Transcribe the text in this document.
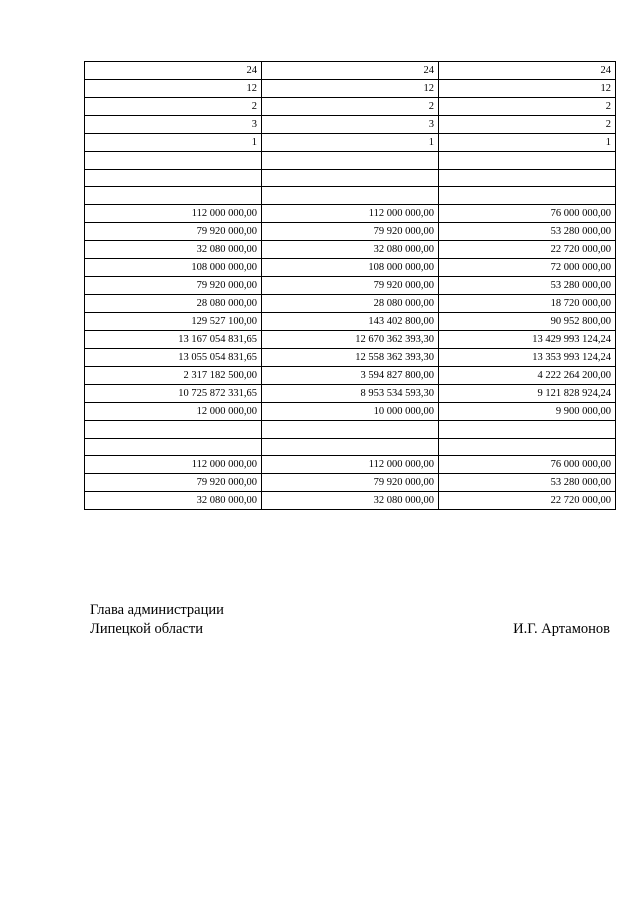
24	24	24
12	12	12
2	2	2
3	3	2
1	1	1

112 000 000,00	112 000 000,00	76 000 000,00
79 920 000,00	79 920 000,00	53 280 000,00
32 080 000,00	32 080 000,00	22 720 000,00
108 000 000,00	108 000 000,00	72 000 000,00
79 920 000,00	79 920 000,00	53 280 000,00
28 080 000,00	28 080 000,00	18 720 000,00
129 527 100,00	143 402 800,00	90 952 800,00
13 167 054 831,65	12 670 362 393,30	13 429 993 124,24
13 055 054 831,65	12 558 362 393,30	13 353 993 124,24
2 317 182 500,00	3 594 827 800,00	4 222 264 200,00
10 725 872 331,65	8 953 534 593,30	9 121 828 924,24
12 000 000,00	10 000 000,00	9 900 000,00

112 000 000,00	112 000 000,00	76 000 000,00
79 920 000,00	79 920 000,00	53 280 000,00
32 080 000,00	32 080 000,00	22 720 000,00
Глава администрации
Липецкой области	И.Г. Артамонов
